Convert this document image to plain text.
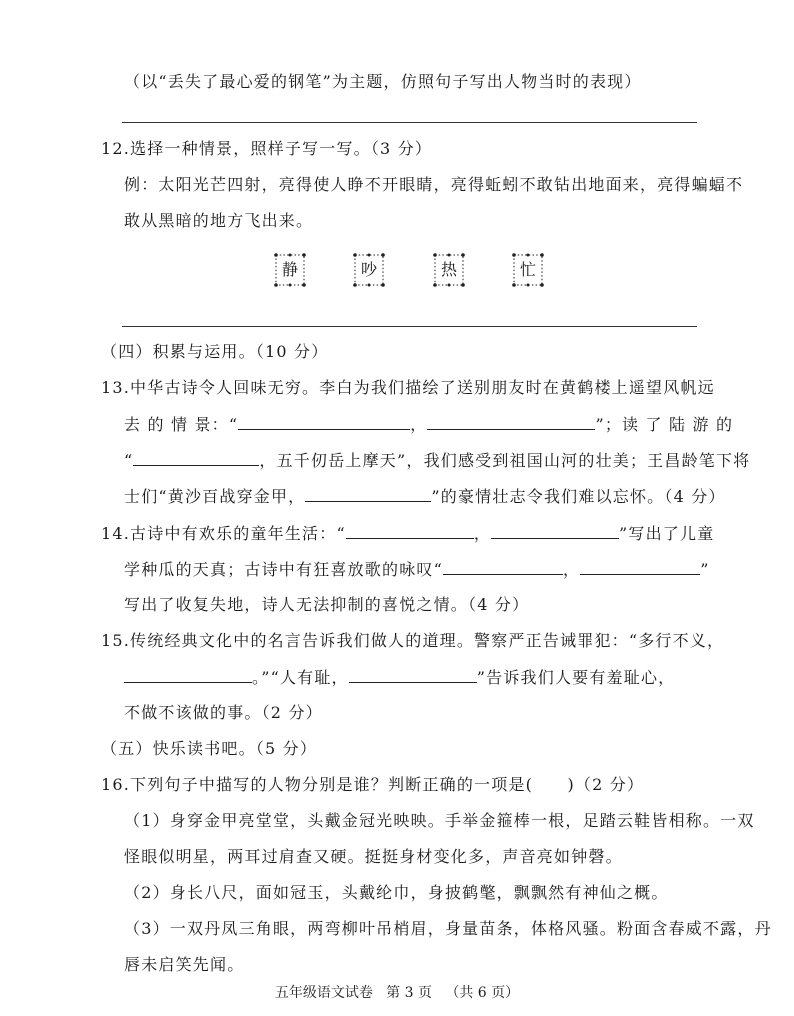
（以“丢失了最心爱的钢笔”为主题，仿照句子写出人物当时的表现）
12.选择一种情景，照样子写一写。（3 分）
例：太阳光芒四射，亮得使人睁不开眼睛，亮得蚯蚓不敢钻出地面来，亮得蝙蝠不
敢从黑暗的地方飞出来。
静	吵	热	忙
（四）积累与运用。（10 分）
13.中华古诗令人回味无穷。李白为我们描绘了送别朋友时在黄鹤楼上遥望风帆远
去 的 情 景：“	，	”；读 了 陆 游 的
“	，五千仞岳上摩天”，我们感受到祖国山河的壮美；王昌龄笔下将
士们“黄沙百战穿金甲，	”的豪情壮志令我们难以忘怀。（4 分）
14.古诗中有欢乐的童年生活：“	，	”写出了儿童
学种瓜的天真；古诗中有狂喜放歌的咏叹“	，	”
写出了收复失地，诗人无法抑制的喜悦之情。（4 分）
15.传统经典文化中的名言告诉我们做人的道理。警察严正告诫罪犯：“多行不义，
。”“人有耻，	”告诉我们人要有羞耻心，
不做不该做的事。（2 分）
（五）快乐读书吧。（5 分）
16.下列句子中描写的人物分别是谁？判断正确的一项是(　　)（2 分）
（1）身穿金甲亮堂堂，头戴金冠光映映。手举金箍棒一根，足踏云鞋皆相称。一双
怪眼似明星，两耳过肩查又硬。挺挺身材变化多，声音亮如钟磬。
（2）身长八尺，面如冠玉，头戴纶巾，身披鹤氅，飘飘然有神仙之概。
（3）一双丹凤三角眼，两弯柳叶吊梢眉，身量苗条，体格风骚。粉面含春威不露，丹
唇未启笑先闻。
五年级语文试卷   第 3 页   （共 6 页）
